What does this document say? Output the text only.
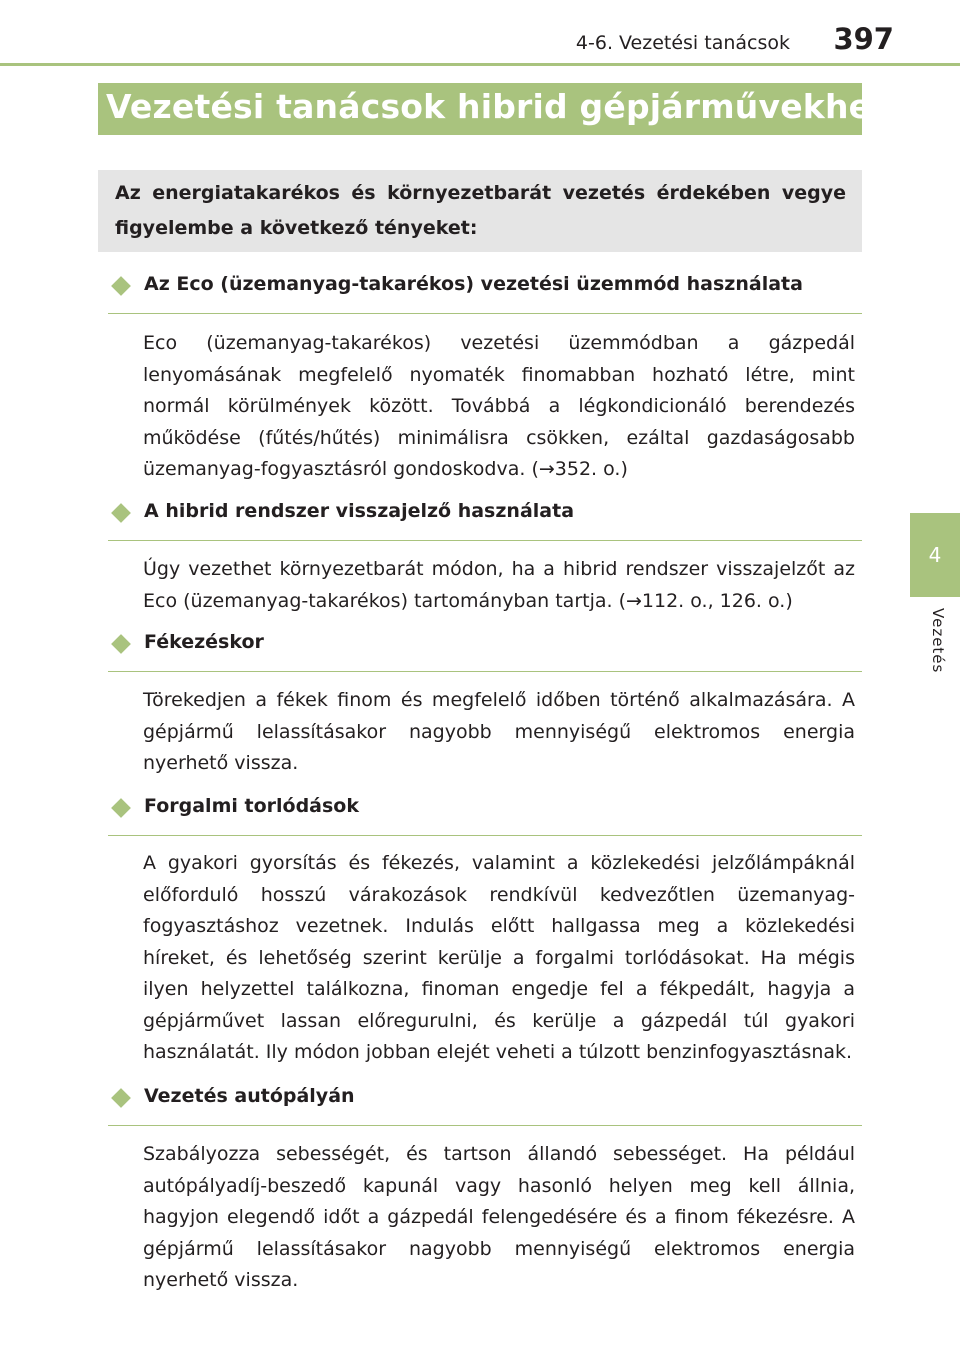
4-6. Vezetési tanácsok 397
Vezetési tanácsok hibrid gépjárművekhez
Az energiatakarékos és környezetbarát vezetés érdekében vegye figyelembe a következő tényeket:
4
Vezetés
Az Eco (üzemanyag-takarékos) vezetési üzemmód használata
Eco (üzemanyag-takarékos) vezetési üzemmódban a gázpedál lenyomásának megfelelő nyomaték finomabban hozható létre, mint normál körülmények között. Továbbá a légkondicionáló berendezés működése (fűtés/hűtés) minimálisra csökken, ezáltal gazdaságosabb üzemanyag-fogyasztásról gondoskodva. (→352. o.)
A hibrid rendszer visszajelző használata
Úgy vezethet környezetbarát módon, ha a hibrid rendszer visszajelzőt az Eco (üzemanyag-takarékos) tartományban tartja. (→112. o., 126. o.)
Fékezéskor
Törekedjen a fékek finom és megfelelő időben történő alkalmazására. A gépjármű lelassításakor nagyobb mennyiségű elektromos energia nyerhető vissza.
Forgalmi torlódások
A gyakori gyorsítás és fékezés, valamint a közlekedési jelzőlámpáknál előforduló hosszú várakozások rendkívül kedvezőtlen üzemanyag-fogyasztáshoz vezetnek. Indulás előtt hallgassa meg a közlekedési híreket, és lehetőség szerint kerülje a forgalmi torlódásokat. Ha mégis ilyen helyzettel találkozna, finoman engedje fel a fékpedált, hagyja a gépjárművet lassan előregurulni, és kerülje a gázpedál túl gyakori használatát. Ily módon jobban elejét veheti a túlzott benzinfogyasztásnak.
Vezetés autópályán
Szabályozza sebességét, és tartson állandó sebességet. Ha például autópályadíj-beszedő kapunál vagy hasonló helyen meg kell állnia, hagyjon elegendő időt a gázpedál felengedésére és a finom fékezésre. A gépjármű lelassításakor nagyobb mennyiségű elektromos energia nyerhető vissza.
